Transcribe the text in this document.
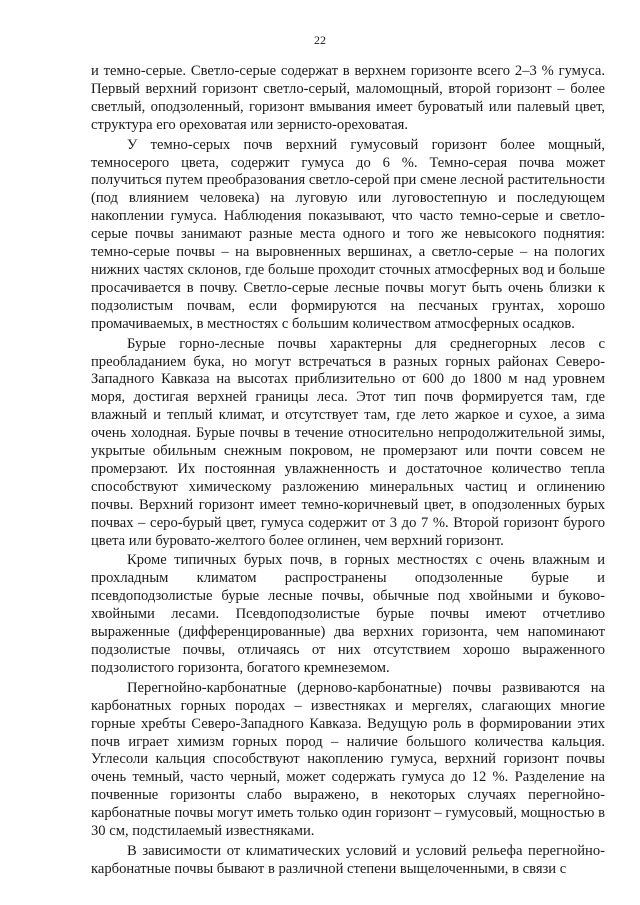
22

и темно-серые. Светло-серые содержат в верхнем горизонте всего 2–3 % гумуса. Первый верхний горизонт светло-серый, маломощный, второй горизонт – более светлый, оподзоленный, горизонт вмывания имеет буроватый или палевый цвет, структура его ореховатая или зернисто-ореховатая.

У темно-серых почв верхний гумусовый горизонт более мощный, темносерого цвета, содержит гумуса до 6 %. Темно-серая почва может получиться путем преобразования светло-серой при смене лесной растительности (под влиянием человека) на луговую или луговостепную и последующем накоплении гумуса. Наблюдения показывают, что часто темно-серые и светло-серые почвы занимают разные места одного и того же невысокого поднятия: темно-серые почвы – на выровненных вершинах, а светло-серые – на пологих нижних частях склонов, где больше проходит сточных атмосферных вод и больше просачивается в почву. Светло-серые лесные почвы могут быть очень близки к подзолистым почвам, если формируются на песчаных грунтах, хорошо промачиваемых, в местностях с большим количеством атмосферных осадков.

Бурые горно-лесные почвы характерны для среднегорных лесов с преобладанием бука, но могут встречаться в разных горных районах Северо-Западного Кавказа на высотах приблизительно от 600 до 1800 м над уровнем моря, достигая верхней границы леса. Этот тип почв формируется там, где влажный и теплый климат, и отсутствует там, где лето жаркое и сухое, а зима очень холодная. Бурые почвы в течение относительно непродолжительной зимы, укрытые обильным снежным покровом, не промерзают или почти совсем не промерзают. Их постоянная увлажненность и достаточное количество тепла способствуют химическому разложению минеральных частиц и оглинению почвы. Верхний горизонт имеет темно-коричневый цвет, в оподзоленных бурых почвах – серо-бурый цвет, гумуса содержит от 3 до 7 %. Второй горизонт бурого цвета или буровато-желтого более оглинен, чем верхний горизонт.

Кроме типичных бурых почв, в горных местностях с очень влажным и прохладным климатом распространены оподзоленные бурые и псевдоподзолистые бурые лесные почвы, обычные под хвойными и буково-хвойными лесами. Псевдоподзолистые бурые почвы имеют отчетливо выраженные (дифференцированные) два верхних горизонта, чем напоминают подзолистые почвы, отличаясь от них отсутствием хорошо выраженного подзолистого горизонта, богатого кремнеземом.

Перегнойно-карбонатные (дерново-карбонатные) почвы развиваются на карбонатных горных породах – известняках и мергелях, слагающих многие горные хребты Северо-Западного Кавказа. Ведущую роль в формировании этих почв играет химизм горных пород – наличие большого количества кальция. Углесоли кальция способствуют накоплению гумуса, верхний горизонт почвы очень темный, часто черный, может содержать гумуса до 12 %. Разделение на почвенные горизонты слабо выражено, в некоторых случаях перегнойно-карбонатные почвы могут иметь только один горизонт – гумусовый, мощностью в 30 см, подстилаемый известняками.

В зависимости от климатических условий и условий рельефа перегнойно-карбонатные почвы бывают в различной степени выщелоченными, в связи с
